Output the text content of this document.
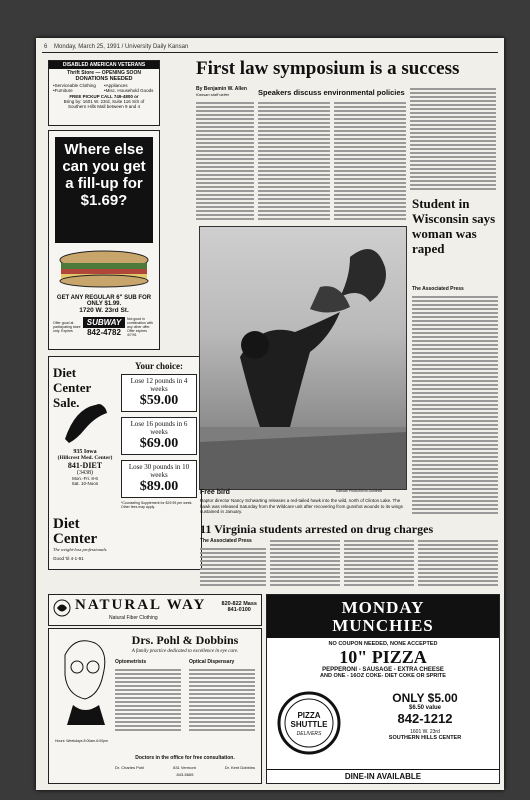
6 Monday, March 25, 1991 / University Daily Kansan
DISABLED AMERICAN VETERANS
Thrift Store — OPENING SOON
DONATIONS NEEDED
•Serviceable Clothing	•Appliances
•Furniture	•Misc. Household Goods
FREE PICKUP CALL 749-4800 or
Bring by: 1601 W. 23rd, Suite 116 S/S of
Southern Hills Mall between 9 and 4
Where else can you get a fill-up for $1.69?
GET ANY REGULAR 6" SUB FOR ONLY $1.99.
1720 W. 23rd St.
Offer good at participating store only. Expires
SUBWAY
842-4782
Not good in combination with any other offer. Offer expires 4/7/91
Diet Center Sale.
935 Iowa
(Hillcrest Med. Center)
841-DIET
(3438)
Mon.-Fri. 8-6
Sat. 10-Noon
Diet Center
The weight-loss professionals.
Good 'til 4-1-91
Your choice:
Lose 12 pounds in 4 weeks
$59.00
Lose 16 pounds in 6 weeks
$69.00
Lose 30 pounds in 10 weeks
$89.00
*Counseling Supplement for $29.95 per week. Other fees may apply.
First law symposium is a success
By Benjamin W. Allen
Kansan staff writer	Speakers discuss environmental policies
Free bird	Kansan Photo/Kevin Andrews
Raptor director Nancy Schwarting releases a red-tailed hawk into the wild, north of Clinton Lake. The hawk was released Saturday from the Wildcare unit after recovering from gunshot wounds to its wings sustained in January.
Student in Wisconsin says woman was raped
The Associated Press
11 Virginia students arrested on drug charges
The Associated Press
NATURAL WAY
Natural Fiber Clothing
820-822 Mass
841-0100
Drs. Pohl & Dobbins
A family practice dedicated to excellence in eye care.
Optometrists	Optical Dispensary
Hours: Weekdays 8:00am-6:00pm
Doctors in the office for free consultation.
Dr. Charles Pohl	831 Vermont	Dr. Kent Dobbins
843-5665
MONDAY
MUNCHIES
NO COUPON NEEDED, NONE ACCEPTED
10" PIZZA
PEPPERONI - SAUSAGE - EXTRA CHEESE
AND ONE - 16OZ COKE- DIET COKE OR SPRITE
PIZZA SHUTTLE
DELIVERS
ONLY $5.00
$6.50 value
842-1212
1601 W. 23rd
SOUTHERN HILLS CENTER
DINE-IN AVAILABLE
